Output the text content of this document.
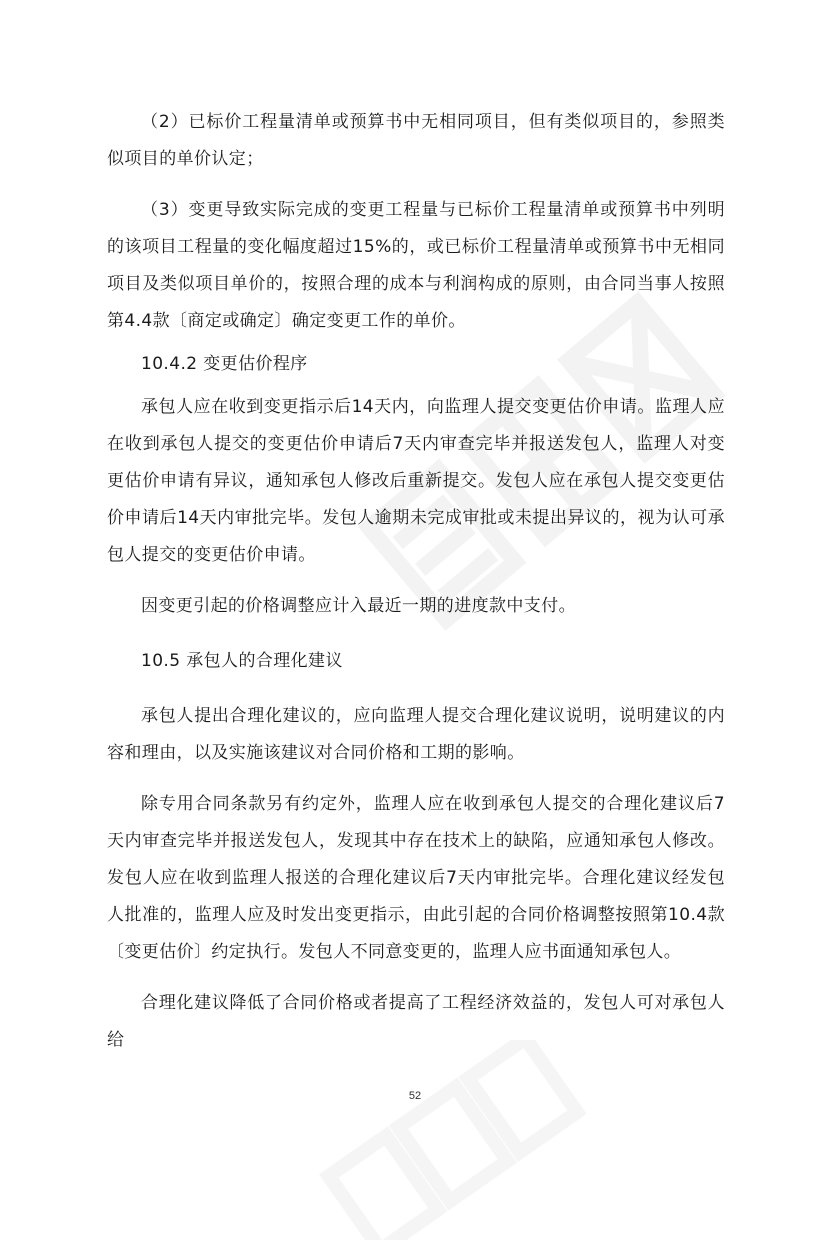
（2）已标价工程量清单或预算书中无相同项目，但有类似项目的，参照类似项目的单价认定；

（3）变更导致实际完成的变更工程量与已标价工程量清单或预算书中列明的该项目工程量的变化幅度超过15%的，或已标价工程量清单或预算书中无相同项目及类似项目单价的，按照合理的成本与利润构成的原则，由合同当事人按照第4.4款〔商定或确定〕确定变更工作的单价。

10.4.2 变更估价程序

承包人应在收到变更指示后14天内，向监理人提交变更估价申请。监理人应在收到承包人提交的变更估价申请后7天内审查完毕并报送发包人，监理人对变更估价申请有异议，通知承包人修改后重新提交。发包人应在承包人提交变更估价申请后14天内审批完毕。发包人逾期未完成审批或未提出异议的，视为认可承包人提交的变更估价申请。

因变更引起的价格调整应计入最近一期的进度款中支付。

10.5 承包人的合理化建议

承包人提出合理化建议的，应向监理人提交合理化建议说明，说明建议的内容和理由，以及实施该建议对合同价格和工期的影响。

除专用合同条款另有约定外，监理人应在收到承包人提交的合理化建议后7天内审查完毕并报送发包人，发现其中存在技术上的缺陷，应通知承包人修改。发包人应在收到监理人报送的合理化建议后7天内审批完毕。合理化建议经发包人批准的，监理人应及时发出变更指示，由此引起的合同价格调整按照第10.4款〔变更估价〕约定执行。发包人不同意变更的，监理人应书面通知承包人。

合理化建议降低了合同价格或者提高了工程经济效益的，发包人可对承包人给

52
